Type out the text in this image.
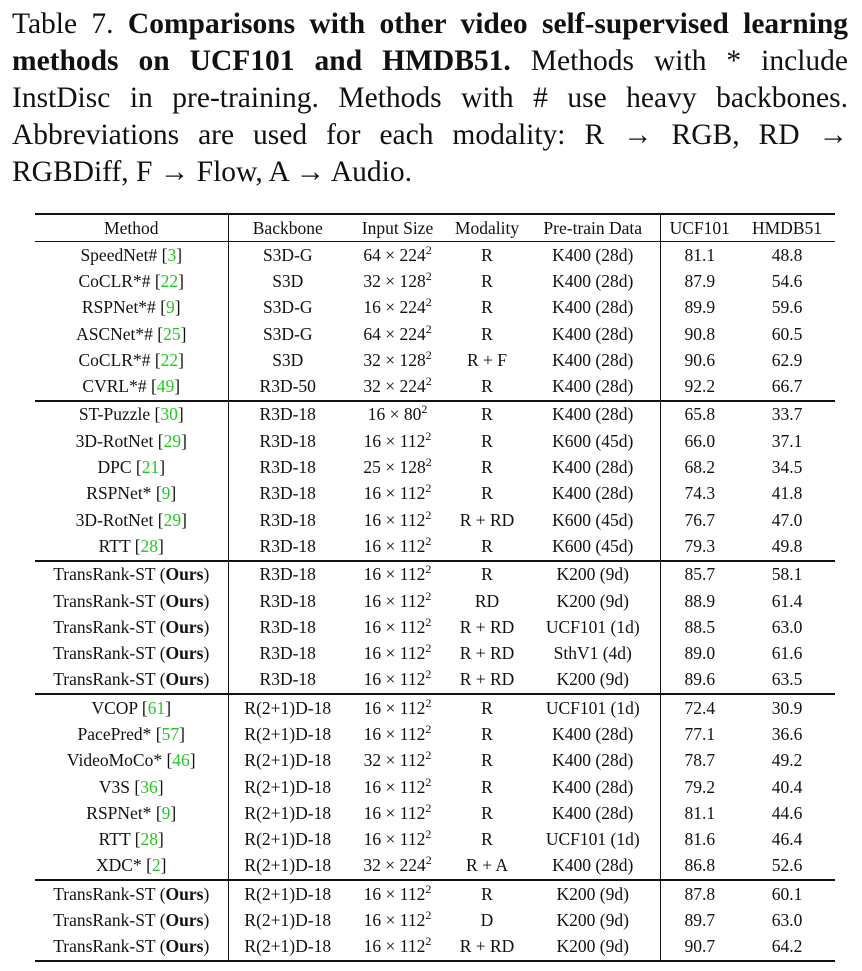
Table 7. Comparisons with other video self-supervised learning methods on UCF101 and HMDB51. Methods with * include InstDisc in pre-training. Methods with # use heavy backbones. Abbreviations are used for each modality: R → RGB, RD → RGBDiff, F → Flow, A → Audio.
Method	Backbone	Input Size	Modality	Pre-train Data	UCF101	HMDB51
SpeedNet# [3]	S3D-G	$64 \times 224^2$	R	K400 (28d)	81.1	48.8
CoCLR*# [22]	S3D	$32 \times 128^2$	R	K400 (28d)	87.9	54.6
RSPNet*# [9]	S3D-G	$16 \times 224^2$	R	K400 (28d)	89.9	59.6
ASCNet*# [25]	S3D-G	$64 \times 224^2$	R	K400 (28d)	90.8	60.5
CoCLR*# [22]	S3D	$32 \times 128^2$	R + F	K400 (28d)	90.6	62.9
CVRL*# [49]	R3D-50	$32 \times 224^2$	R	K400 (28d)	92.2	66.7
ST-Puzzle [30]	R3D-18	$16 \times 80^2$	R	K400 (28d)	65.8	33.7
3D-RotNet [29]	R3D-18	$16 \times 112^2$	R	K600 (45d)	66.0	37.1
DPC [21]	R3D-18	$25 \times 128^2$	R	K400 (28d)	68.2	34.5
RSPNet* [9]	R3D-18	$16 \times 112^2$	R	K400 (28d)	74.3	41.8
3D-RotNet [29]	R3D-18	$16 \times 112^2$	R + RD	K600 (45d)	76.7	47.0
RTT [28]	R3D-18	$16 \times 112^2$	R	K600 (45d)	79.3	49.8
TransRank-ST (Ours)	R3D-18	$16 \times 112^2$	R	K200 (9d)	85.7	58.1
TransRank-ST (Ours)	R3D-18	$16 \times 112^2$	RD	K200 (9d)	88.9	61.4
TransRank-ST (Ours)	R3D-18	$16 \times 112^2$	R + RD	UCF101 (1d)	88.5	63.0
TransRank-ST (Ours)	R3D-18	$16 \times 112^2$	R + RD	SthV1 (4d)	89.0	61.6
TransRank-ST (Ours)	R3D-18	$16 \times 112^2$	R + RD	K200 (9d)	89.6	63.5
VCOP [61]	R(2+1)D-18	$16 \times 112^2$	R	UCF101 (1d)	72.4	30.9
PacePred* [57]	R(2+1)D-18	$16 \times 112^2$	R	K400 (28d)	77.1	36.6
VideoMoCo* [46]	R(2+1)D-18	$32 \times 112^2$	R	K400 (28d)	78.7	49.2
V3S [36]	R(2+1)D-18	$16 \times 112^2$	R	K400 (28d)	79.2	40.4
RSPNet* [9]	R(2+1)D-18	$16 \times 112^2$	R	K400 (28d)	81.1	44.6
RTT [28]	R(2+1)D-18	$16 \times 112^2$	R	UCF101 (1d)	81.6	46.4
XDC* [2]	R(2+1)D-18	$32 \times 224^2$	R + A	K400 (28d)	86.8	52.6
TransRank-ST (Ours)	R(2+1)D-18	$16 \times 112^2$	R	K200 (9d)	87.8	60.1
TransRank-ST (Ours)	R(2+1)D-18	$16 \times 112^2$	D	K200 (9d)	89.7	63.0
TransRank-ST (Ours)	R(2+1)D-18	$16 \times 112^2$	R + RD	K200 (9d)	90.7	64.2
